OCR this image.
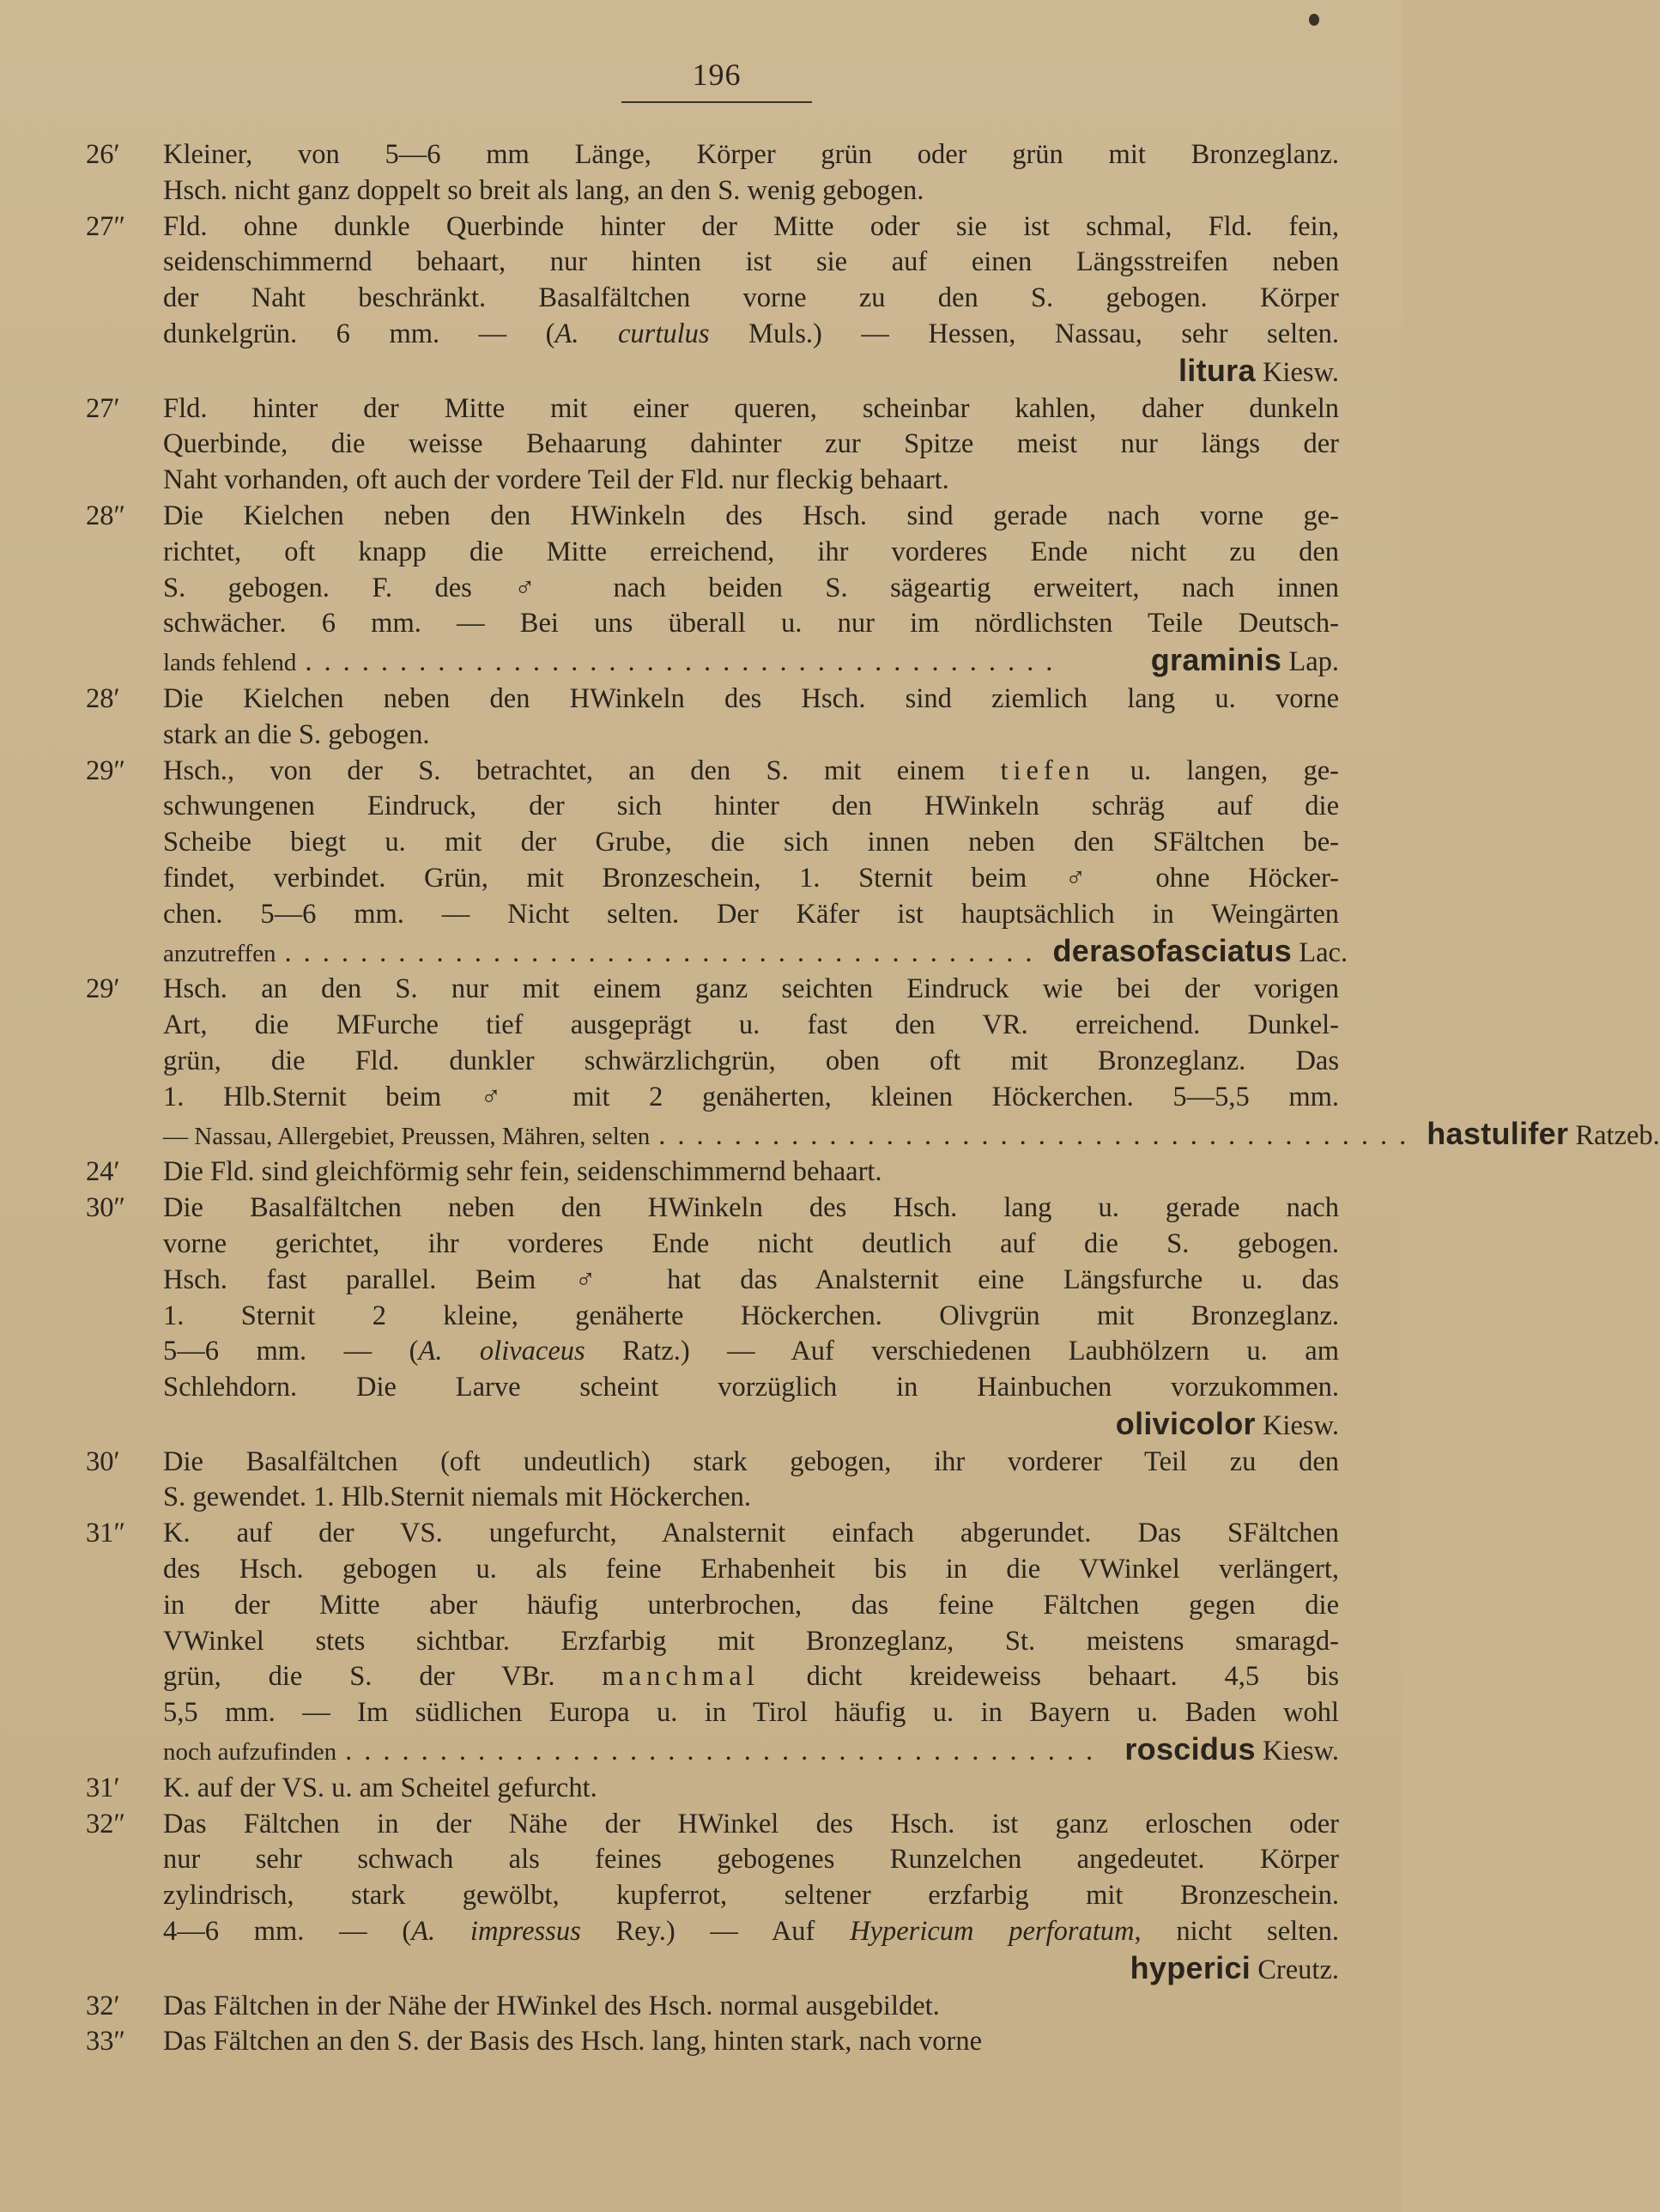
196
26′	Kleiner, von 5—6 mm Länge, Körper grün oder grün mit Bronzeglanz.
Hsch. nicht ganz doppelt so breit als lang, an den S. wenig gebogen.
27″	Fld. ohne dunkle Querbinde hinter der Mitte oder sie ist schmal, Fld. fein,
seidenschimmernd behaart, nur hinten ist sie auf einen Längsstreifen neben
der Naht beschränkt. Basalfältchen vorne zu den S. gebogen. Körper
dunkelgrün. 6 mm. — (A. curtulus Muls.) — Hessen, Nassau, sehr selten.
litura Kiesw.
27′	Fld. hinter der Mitte mit einer queren, scheinbar kahlen, daher dunkeln
Querbinde, die weisse Behaarung dahinter zur Spitze meist nur längs der
Naht vorhanden, oft auch der vordere Teil der Fld. nur fleckig behaart.
28″	Die Kielchen neben den HWinkeln des Hsch. sind gerade nach vorne ge-
richtet, oft knapp die Mitte erreichend, ihr vorderes Ende nicht zu den
S. gebogen. F. des ♂ nach beiden S. sägeartig erweitert, nach innen
schwächer. 6 mm. — Bei uns überall u. nur im nördlichsten Teile Deutsch-
lands fehlend ........................................	graminis Lap.
28′	Die Kielchen neben den HWinkeln des Hsch. sind ziemlich lang u. vorne
stark an die S. gebogen.
29″	Hsch., von der S. betrachtet, an den S. mit einem tiefen u. langen, ge-
schwungenen Eindruck, der sich hinter den HWinkeln schräg auf die
Scheibe biegt u. mit der Grube, die sich innen neben den SFältchen be-
findet, verbindet. Grün, mit Bronzeschein, 1. Sternit beim ♂ ohne Höcker-
chen. 5—6 mm. — Nicht selten. Der Käfer ist hauptsächlich in Weingärten
anzutreffen ........................................ derasofasciatus Lac.
29′	Hsch. an den S. nur mit einem ganz seichten Eindruck wie bei der vorigen
Art, die MFurche tief ausgeprägt u. fast den VR. erreichend. Dunkel-
grün, die Fld. dunkler schwärzlichgrün, oben oft mit Bronzeglanz. Das
1. Hlb.Sternit beim ♂ mit 2 genäherten, kleinen Höckerchen. 5—5,5 mm.
— Nassau, Allergebiet, Preussen, Mähren, selten ........................................ hastulifer Ratzeb.
24′	Die Fld. sind gleichförmig sehr fein, seidenschimmernd behaart.
30″	Die Basalfältchen neben den HWinkeln des Hsch. lang u. gerade nach
vorne gerichtet, ihr vorderes Ende nicht deutlich auf die S. gebogen.
Hsch. fast parallel. Beim ♂ hat das Analsternit eine Längsfurche u. das
1. Sternit 2 kleine, genäherte Höckerchen. Olivgrün mit Bronzeglanz.
5—6 mm. — (A. olivaceus Ratz.) — Auf verschiedenen Laubhölzern u. am
Schlehdorn. Die Larve scheint vorzüglich in Hainbuchen vorzukommen.
olivicolor Kiesw.
30′	Die Basalfältchen (oft undeutlich) stark gebogen, ihr vorderer Teil zu den
S. gewendet. 1. Hlb.Sternit niemals mit Höckerchen.
31″	K. auf der VS. ungefurcht, Analsternit einfach abgerundet. Das SFältchen
des Hsch. gebogen u. als feine Erhabenheit bis in die VWinkel verlängert,
in der Mitte aber häufig unterbrochen, das feine Fältchen gegen die
VWinkel stets sichtbar. Erzfarbig mit Bronzeglanz, St. meistens smaragd-
grün, die S. der VBr. manchmal dicht kreideweiss behaart. 4,5 bis
5,5 mm. — Im südlichen Europa u. in Tirol häufig u. in Bayern u. Baden wohl
noch aufzufinden ........................................ roscidus Kiesw.
31′	K. auf der VS. u. am Scheitel gefurcht.
32″	Das Fältchen in der Nähe der HWinkel des Hsch. ist ganz erloschen oder
nur sehr schwach als feines gebogenes Runzelchen angedeutet. Körper
zylindrisch, stark gewölbt, kupferrot, seltener erzfarbig mit Bronzeschein.
4—6 mm. — (A. impressus Rey.) — Auf Hypericum perforatum, nicht selten.
hyperici Creutz.
32′	Das Fältchen in der Nähe der HWinkel des Hsch. normal ausgebildet.
33″	Das Fältchen an den S. der Basis des Hsch. lang, hinten stark, nach vorne
